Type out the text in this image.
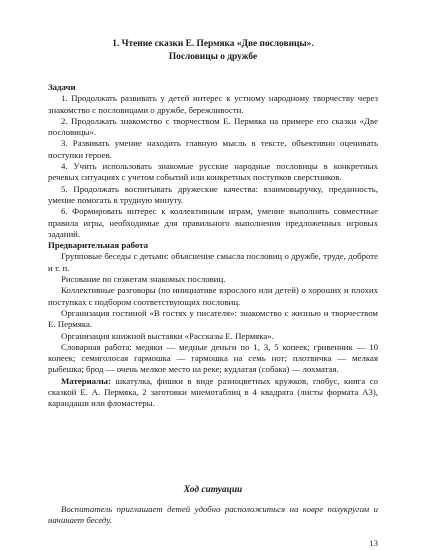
1. Чтение сказки Е. Пермяка «Две пословицы».
Пословицы о дружбе

Задачи

1. Продолжать развивать у детей интерес к устному народному творчеству через знакомство с пословицами о дружбе, бережливости.

2. Продолжать знакомство с творчеством Е. Пермяка на примере его сказки «Две пословицы».

3. Развивать умение находить главную мысль в тексте, объективно оценивать поступки героев.

4. Учить использовать знакомые русские народные пословицы в конкретных речевых ситуациях с учетом событий или конкретных поступков сверстников.

5. Продолжать воспитывать дружеские качества: взаимовыручку, преданность, умение помогать в трудную минуту.

6. Формировать интерес к коллективным играм, умение выполнять совместные правила игры, необходимые для правильного выполнения предложенных игровых заданий.

Предварительная работа

Групповые беседы с детьми: объяснение смысла пословиц о дружбе, труде, доброте и т. п.

Рисование по сюжетам знакомых пословиц.

Коллективные разговоры (по инициативе взрослого или детей) о хороших и плохих поступках с подбором соответствующих пословиц.

Организация гостиной «В гостях у писателя»: знакомство с жизнью и творчеством Е. Пермяка.

Организация книжной выставки «Рассказы Е. Пермяка».

Словарная работа: медяки — медные деньги по 1, 3, 5 копеек; гривенник — 10 копеек; семиголосая гармошка — гармошка на семь нот; плотвичка — мелкая рыбешка; брод — очень мелкое место на реке; кудлатая (собака) — лохматая.

Материалы: шкатулка, фишки в виде разноцветных кружков, глобус, книга со сказкой Е. А. Пермяка, 2 заготовки мнемотаблиц в 4 квадрата (листы формата А3), карандаши или фломастеры.

Ход ситуации

Воспитатель приглашает детей удобно расположиться на ковре полукругом и начинает беседу.

13
